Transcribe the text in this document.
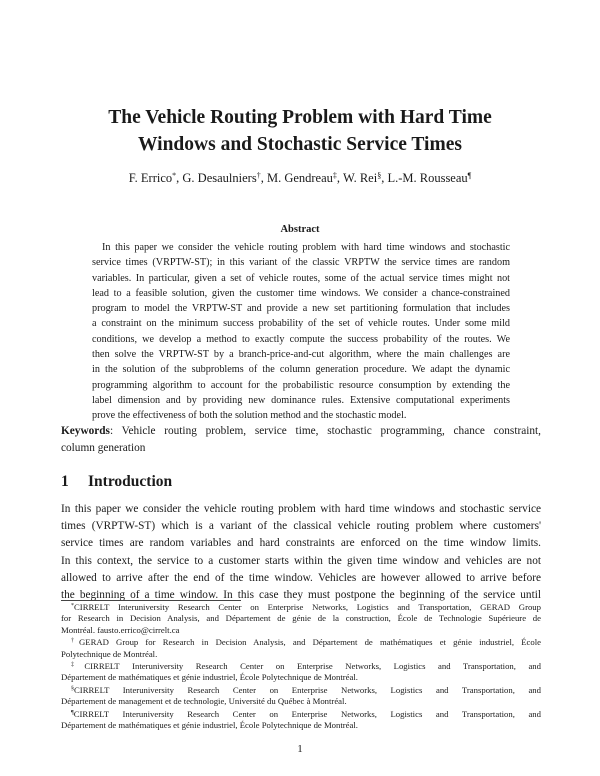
The Vehicle Routing Problem with Hard Time
Windows and Stochastic Service Times
F. Errico*, G. Desaulniers†, M. Gendreau‡, W. Rei§, L.-M. Rousseau¶
Abstract
In this paper we consider the vehicle routing problem with hard time windows and stochastic
service times (VRPTW-ST); in this variant of the classic VRPTW the service times are random
variables. In particular, given a set of vehicle routes, some of the actual service times might not
lead to a feasible solution, given the customer time windows. We consider a chance-constrained
program to model the VRPTW-ST and provide a new set partitioning formulation that includes
a constraint on the minimum success probability of the set of vehicle routes. Under some mild
conditions, we develop a method to exactly compute the success probability of the routes. We
then solve the VRPTW-ST by a branch-price-and-cut algorithm, where the main challenges are
in the solution of the subproblems of the column generation procedure. We adapt the dynamic
programming algorithm to account for the probabilistic resource consumption by extending the
label dimension and by providing new dominance rules. Extensive computational experiments
prove the effectiveness of both the solution method and the stochastic model.
Keywords: Vehicle routing problem, service time, stochastic programming, chance constraint,
column generation
1 Introduction
In this paper we consider the vehicle routing problem with hard time windows and stochastic service
times (VRPTW-ST) which is a variant of the classical vehicle routing problem where customers'
service times are random variables and hard constraints are enforced on the time window limits.
In this context, the service to a customer starts within the given time window and vehicles are not
allowed to arrive after the end of the time window. Vehicles are however allowed to arrive before
the beginning of a time window. In this case they must postpone the beginning of the service until
*CIRRELT Interuniversity Research Center on Enterprise Networks, Logistics and Transportation, GERAD Group
for Research in Decision Analysis, and Département de génie de la construction, École de Technologie Supérieure de
Montréal. fausto.errico@cirrelt.ca
†GERAD Group for Research in Decision Analysis, and Département de mathématiques et génie industriel, École
Polytechnique de Montréal.
‡CIRRELT Interuniversity Research Center on Enterprise Networks, Logistics and Transportation, and
Département de mathématiques et génie industriel, École Polytechnique de Montréal.
§CIRRELT Interuniversity Research Center on Enterprise Networks, Logistics and Transportation, and
Département de management et de technologie, Université du Québec à Montréal.
¶CIRRELT Interuniversity Research Center on Enterprise Networks, Logistics and Transportation, and
Département de mathématiques et génie industriel, École Polytechnique de Montréal.
1
